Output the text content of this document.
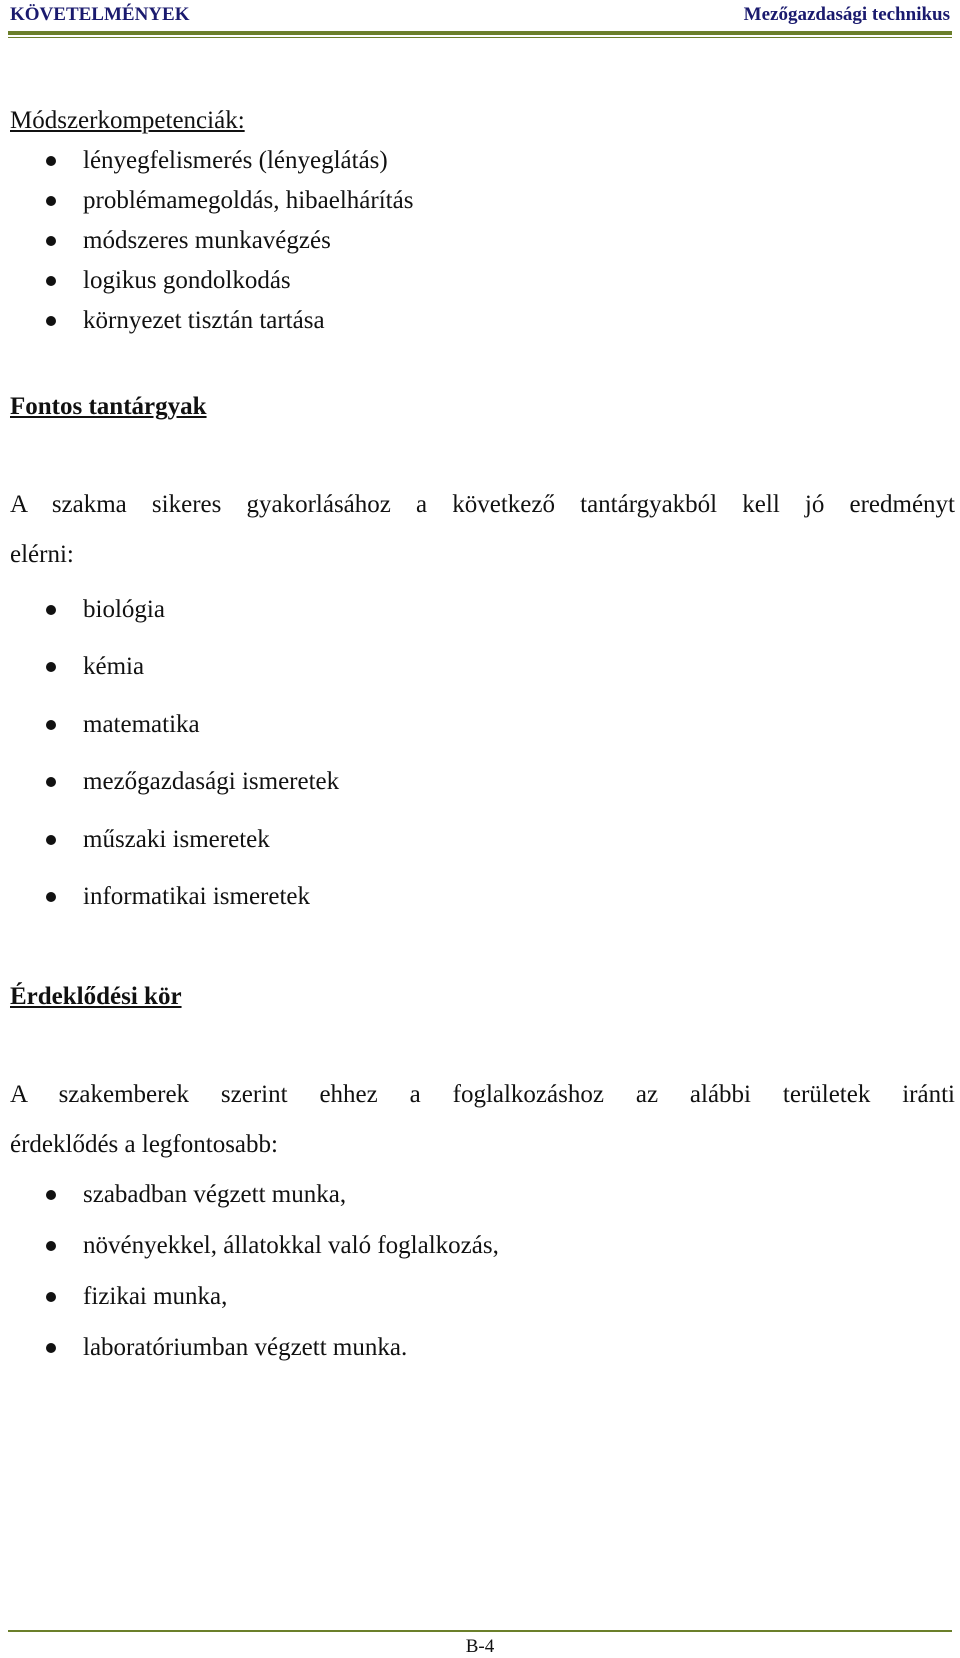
KÖVETELMÉNYEK	Mezőgazdasági technikus
Módszerkompetenciák:
lényegfelismerés (lényeglátás)
problémamegoldás, hibaelhárítás
módszeres munkavégzés
logikus gondolkodás
környezet tisztán tartása
Fontos tantárgyak
A szakma sikeres gyakorlásához a következő tantárgyakból kell jó eredményt
elérni:
biológia
kémia
matematika
mezőgazdasági ismeretek
műszaki ismeretek
informatikai ismeretek
Érdeklődési kör
A szakemberek szerint ehhez a foglalkozáshoz az alábbi területek iránti
érdeklődés a legfontosabb:
szabadban végzett munka,
növényekkel, állatokkal való foglalkozás,
fizikai munka,
laboratóriumban végzett munka.
B-4
